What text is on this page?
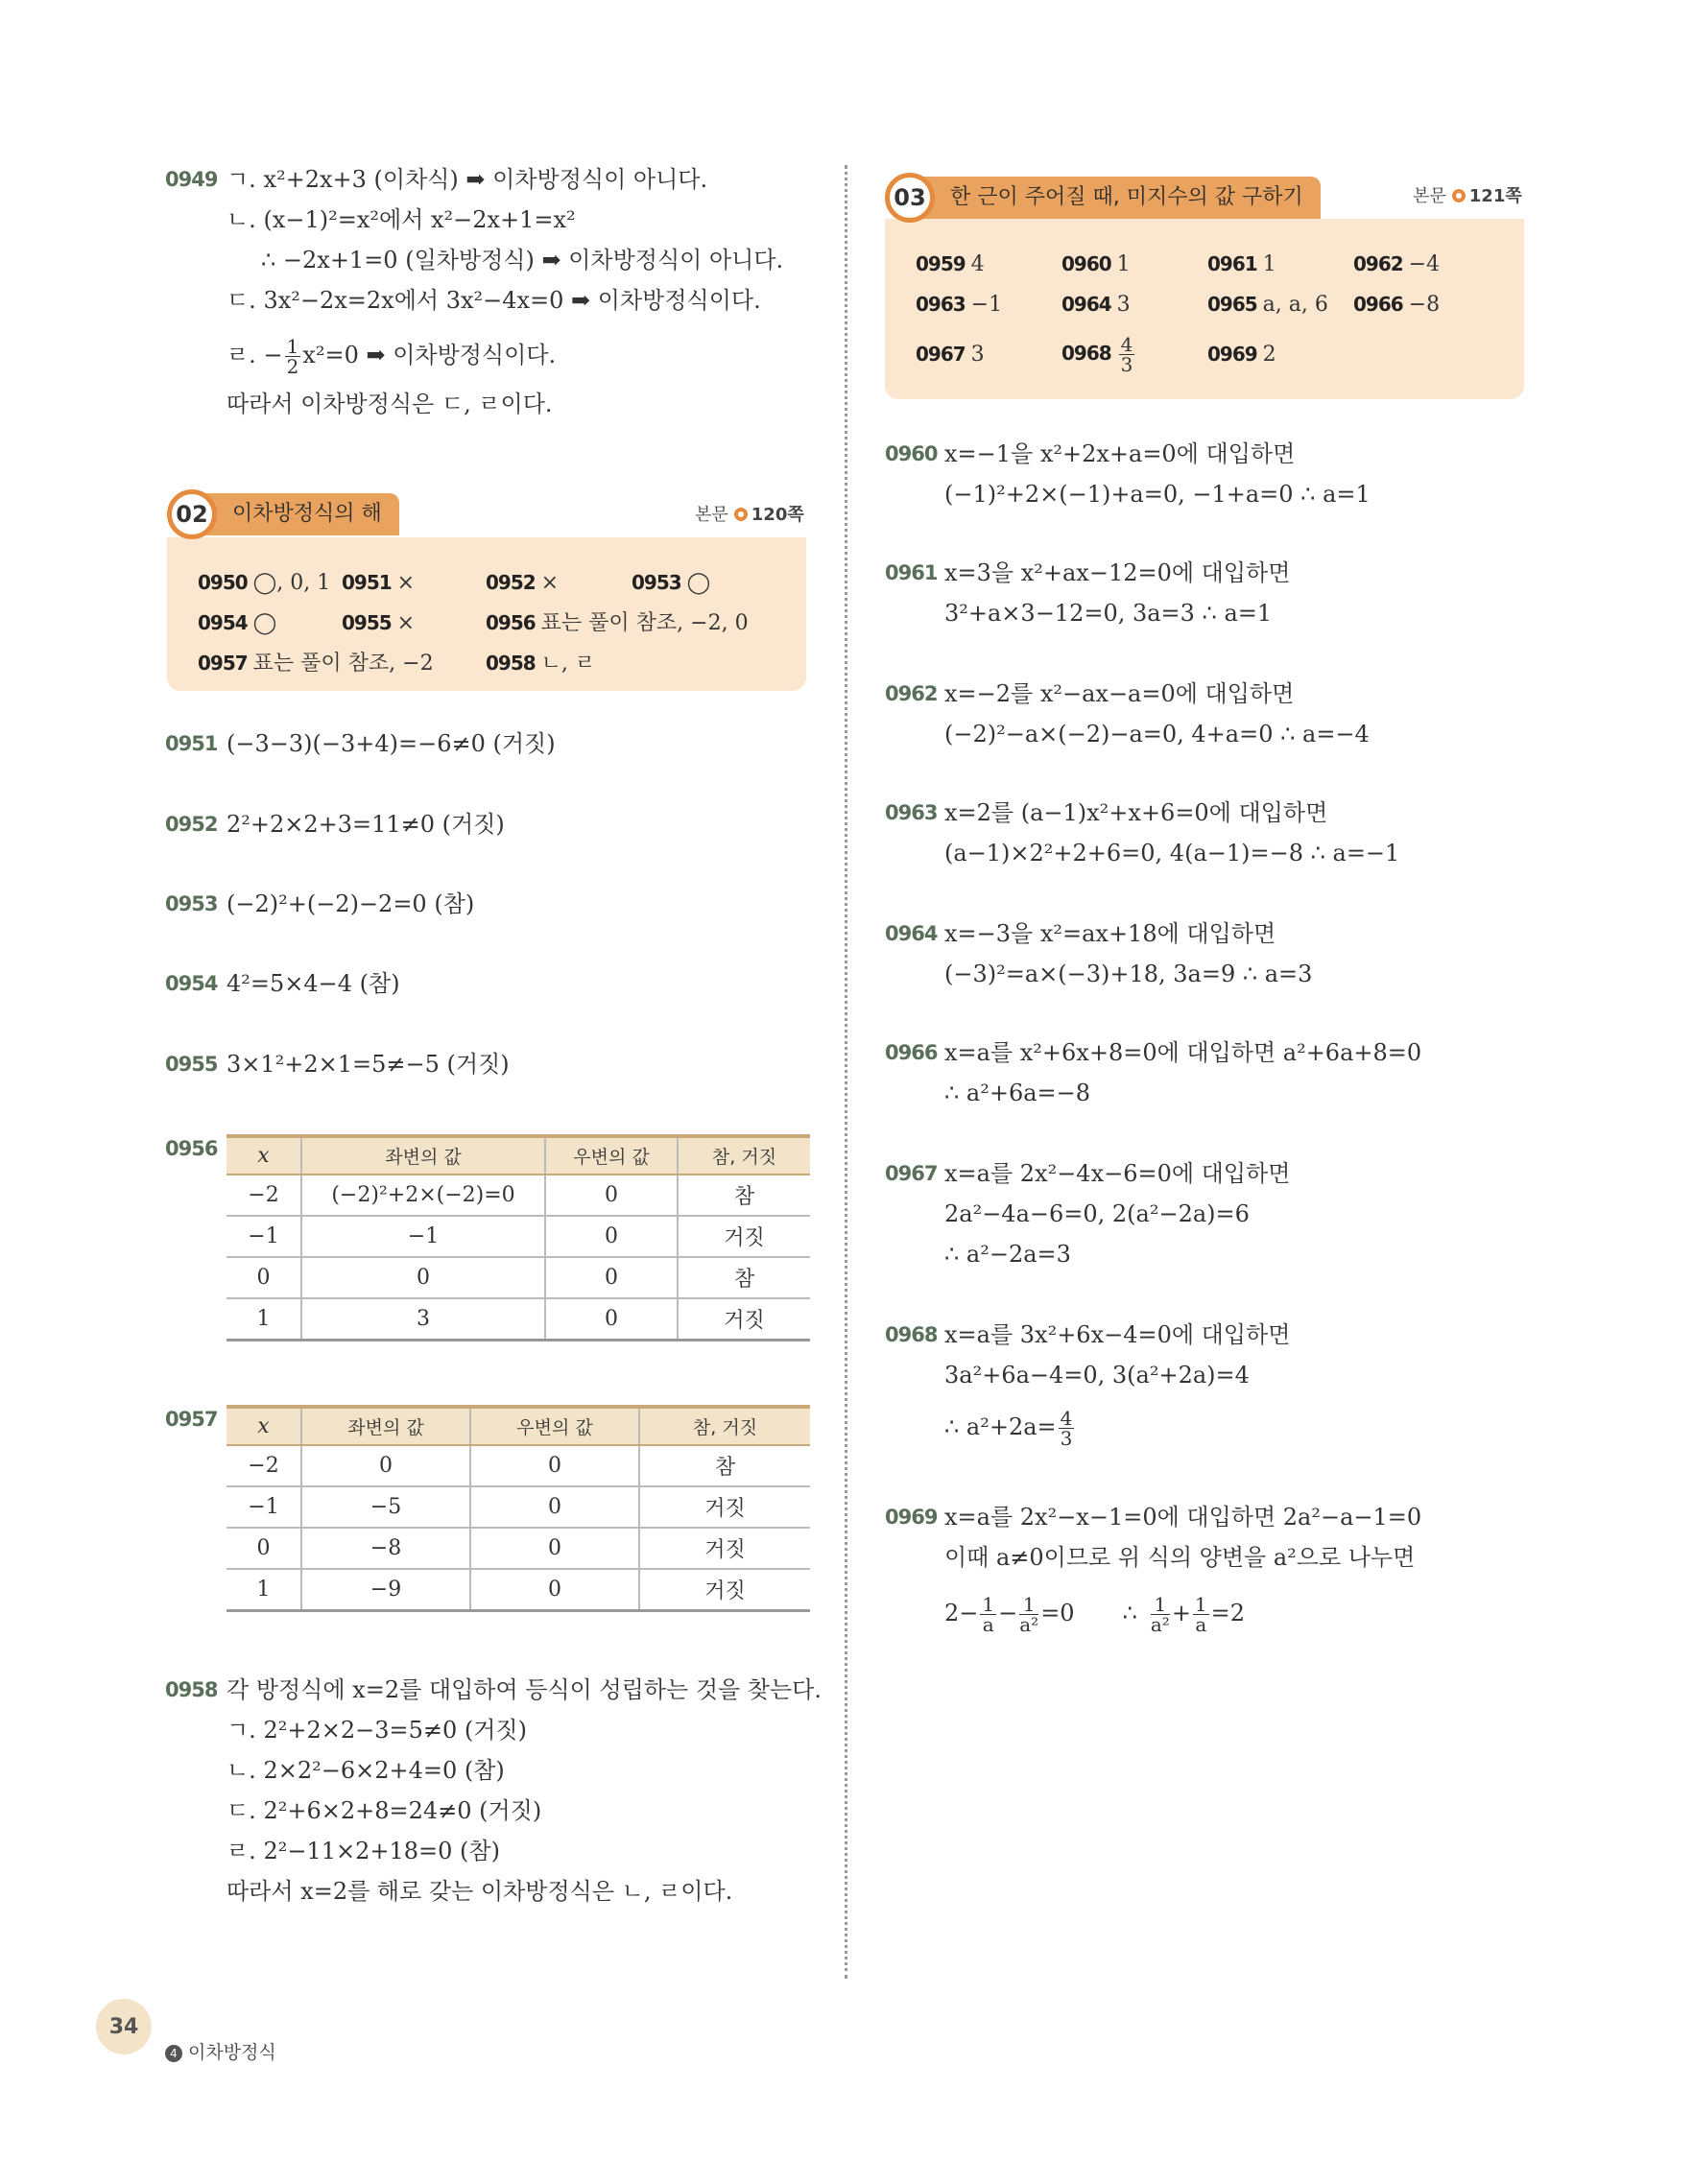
0949 ㄱ. x²+2x+3 (이차식) ➡ 이차방정식이 아니다.
ㄴ. (x−1)²=x²에서 x²−2x+1=x²
∴ −2x+1=0 (일차방정식) ➡ 이차방정식이 아니다.
ㄷ. 3x²−2x=2x에서 3x²−4x=0 ➡ 이차방정식이다.
ㄹ. − $\frac{1}{2} x^2=0$ ➡ 이차방정식이다.
따라서 이차방정식은 ㄷ, ㄹ이다.
02	이차방정식의 해	본문 120쪽
0950 ◯, 0, 1 0951 ×	0952 ×	0953 ◯
0954 ◯	0955 ×	0956 표는 풀이 참조, −2, 0
0957 표는 풀이 참조, −2	0958 ㄴ, ㄹ
0951 (−3−3)(−3+4)=−6≠0 (거짓)
0952 2²+2×2+3=11≠0 (거짓)
0953 (−2)²+(−2)−2=0 (참)
0954 4²=5×4−4 (참)
0955 3×1²+2×1=5≠−5 (거짓)
0956 x	좌변의 값	우변의 값	참, 거짓
−2	(−2)²+2×(−2)=0	0	참
−1	−1	0	거짓
0	0	0	참
1	3	0	거짓
0957 x	좌변의 값	우변의 값	참, 거짓
−2	0	0	참
−1	−5	0	거짓
0	−8	0	거짓
1	−9	0	거짓
0958 각 방정식에 x=2를 대입하여 등식이 성립하는 것을 찾는다.
ㄱ. 2²+2×2−3=5≠0 (거짓)
ㄴ. 2×2²−6×2+4=0 (참)
ㄷ. 2²+6×2+8=24≠0 (거짓)
ㄹ. 2²−11×2+18=0 (참)
따라서 x=2를 해로 갖는 이차방정식은 ㄴ, ㄹ이다.
03	한 근이 주어질 때, 미지수의 값 구하기	본문 121쪽
0959 4	0960 1	0961 1	0962 −4
0963 −1	0964 3	0965 a, a, 6 0966 −8
0967 3	$0968 \frac{4}{3}$	0969 2
0960 x=−1을 x²+2x+a=0에 대입하면
(−1)²+2×(−1)+a=0, −1+a=0 ∴ a=1
0961 x=3을 x²+ax−12=0에 대입하면
3²+a×3−12=0, 3a=3 ∴ a=1
0962 x=−2를 x²−ax−a=0에 대입하면
(−2)²−a×(−2)−a=0, 4+a=0 ∴ a=−4
0963 x=2를 (a−1)x²+x+6=0에 대입하면
(a−1)×2²+2+6=0, 4(a−1)=−8 ∴ a=−1
0964 x=−3을 x²=ax+18에 대입하면
(−3)²=a×(−3)+18, 3a=9 ∴ a=3
0966 x=a를 x²+6x+8=0에 대입하면 a²+6a+8=0
∴ a²+6a=−8
0967 x=a를 2x²−4x−6=0에 대입하면
2a²−4a−6=0, 2(a²−2a)=6
∴ a²−2a=3
0968 x=a를 3x²+6x−4=0에 대입하면
3a²+6a−4=0, 3(a²+2a)=4
∴ $a^2+2a= \frac{4}{3}$
0969 x=a를 2x²−x−1=0에 대입하면 2a²−a−1=0
이때 a≠0이므로 위 식의 양변을 a²으로 나누면
$2- \frac{1}{a} - \frac{1}{\text{a²}} =0$ ∴ $\frac{1}{\text{a²}} + \frac{1}{a} =2$
34
4 이차방정식
